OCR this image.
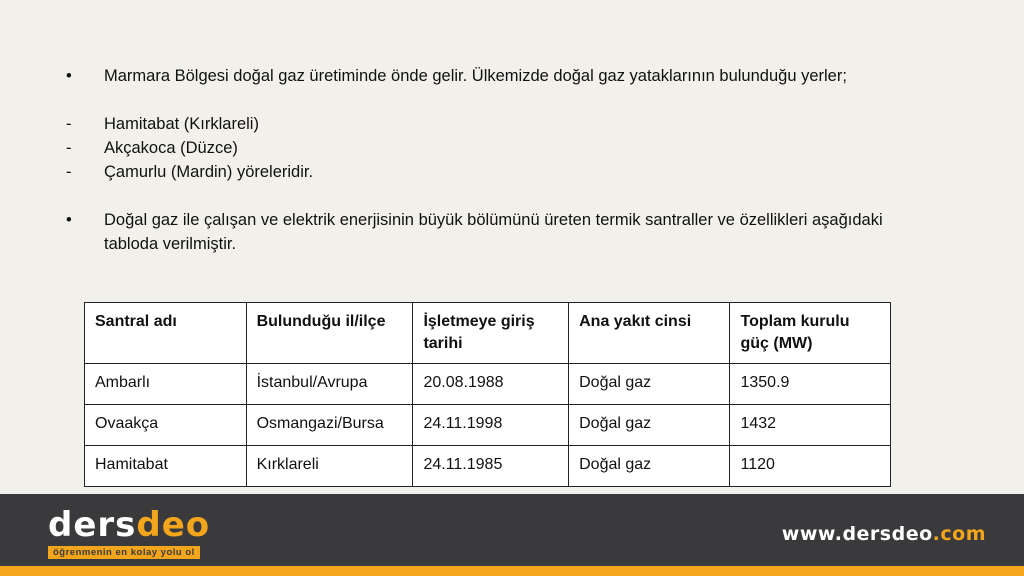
• Marmara Bölgesi doğal gaz üretiminde önde gelir. Ülkemizde doğal gaz yataklarının bulunduğu yerler;
- Hamitabat (Kırklareli)
- Akçakoca (Düzce)
- Çamurlu (Mardin) yöreleridir.
• Doğal gaz ile çalışan ve elektrik enerjisinin büyük bölümünü üreten termik santraller ve özellikleri aşağıdaki tabloda verilmiştir.
Santral adı	Bulunduğu il/ilçe	İşletmeye giriş tarihi	Ana yakıt cinsi	Toplam kurulu güç (MW)
Ambarlı	İstanbul/Avrupa	20.08.1988	Doğal gaz	1350.9
Ovaakça	Osmangazi/Bursa	24.11.1998	Doğal gaz	1432
Hamitabat	Kırklareli	24.11.1985	Doğal gaz	1120
dersdeo
öğrenmenin en kolay yolu ol
www.dersdeo.com
